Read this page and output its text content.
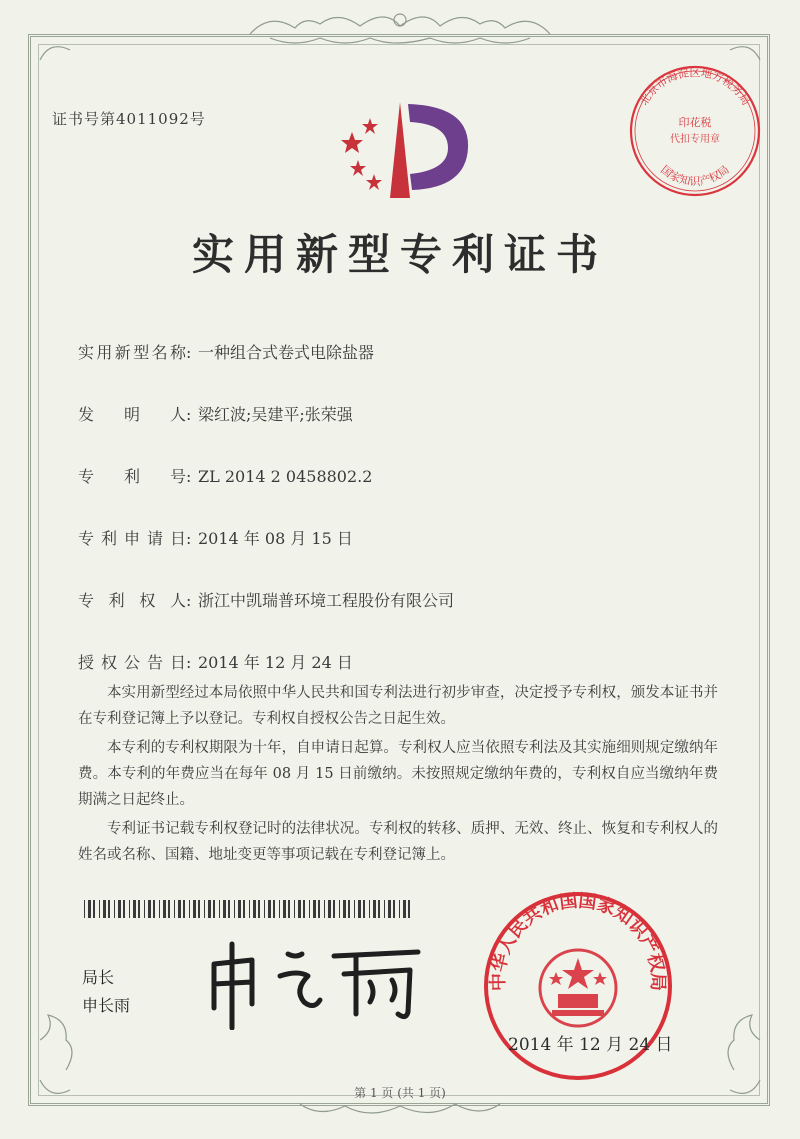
证书号第4011092号
北京市海淀区地方税务局
印花税
代扣专用章
国家知识产权局
实用新型专利证书
实用新型名称: 一种组合式卷式电除盐器
发明人: 梁红波;吴建平;张荣强
专利号: ZL 2014 2 0458802.2
专利申请日: 2014 年 08 月 15 日
专利权人: 浙江中凯瑞普环境工程股份有限公司
授权公告日: 2014 年 12 月 24 日

本实用新型经过本局依照中华人民共和国专利法进行初步审查，决定授予专利权，颁发本证书并在专利登记簿上予以登记。专利权自授权公告之日起生效。

本专利的专利权期限为十年，自申请日起算。专利权人应当依照专利法及其实施细则规定缴纳年费。本专利的年费应当在每年 08 月 15 日前缴纳。未按照规定缴纳年费的，专利权自应当缴纳年费期满之日起终止。

专利证书记载专利权登记时的法律状况。专利权的转移、质押、无效、终止、恢复和专利权人的姓名或名称、国籍、地址变更等事项记载在专利登记簿上。

局长
申长雨
中华人民共和国国家知识产权局
2014 年 12 月 24 日
第 1 页 (共 1 页)
